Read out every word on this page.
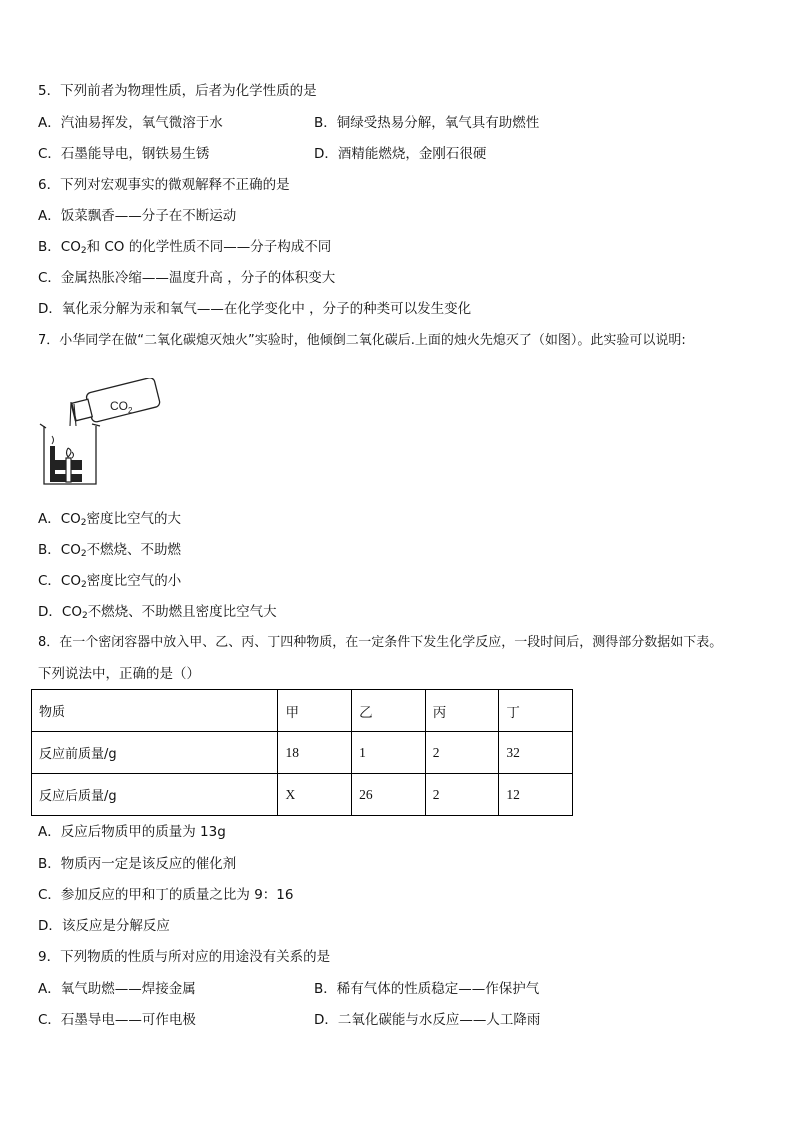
5．下列前者为物理性质，后者为化学性质的是
A．汽油易挥发，氧气微溶于水	B．铜绿受热易分解，氧气具有助燃性
C．石墨能导电，钢铁易生锈	D．酒精能燃烧，金刚石很硬
6．下列对宏观事实的微观解释不正确的是
A．饭菜飘香——分子在不断运动
B．$CO_2$和 CO 的化学性质不同——分子构成不同
C．金属热胀冷缩——温度升高 ，分子的体积变大
D．氧化汞分解为汞和氧气——在化学变化中 ，分子的种类可以发生变化
7．小华同学在做“二氧化碳熄灭烛火”实验时，他倾倒二氧化碳后.上面的烛火先熄灭了（如图）。此实验可以说明:
$CO_2$
A．$CO_2$密度比空气的大
B．$CO_2$不燃烧、不助燃
C．$CO_2$密度比空气的小
D．$CO_2$不燃烧、不助燃且密度比空气大
8．在一个密闭容器中放入甲、乙、丙、丁四种物质，在一定条件下发生化学反应，一段时间后，测得部分数据如下表。
下列说法中，正确的是（）
物质	甲	乙	丙	丁
反应前质量/g	18	1	2	32
反应后质量/g	X	26	2	12
A．反应后物质甲的质量为 13g
B．物质丙一定是该反应的催化剂
C．参加反应的甲和丁的质量之比为 9：16
D．该反应是分解反应
9．下列物质的性质与所对应的用途没有关系的是
A．氧气助燃——焊接金属	B．稀有气体的性质稳定——作保护气
C．石墨导电——可作电极	D．二氧化碳能与水反应——人工降雨
